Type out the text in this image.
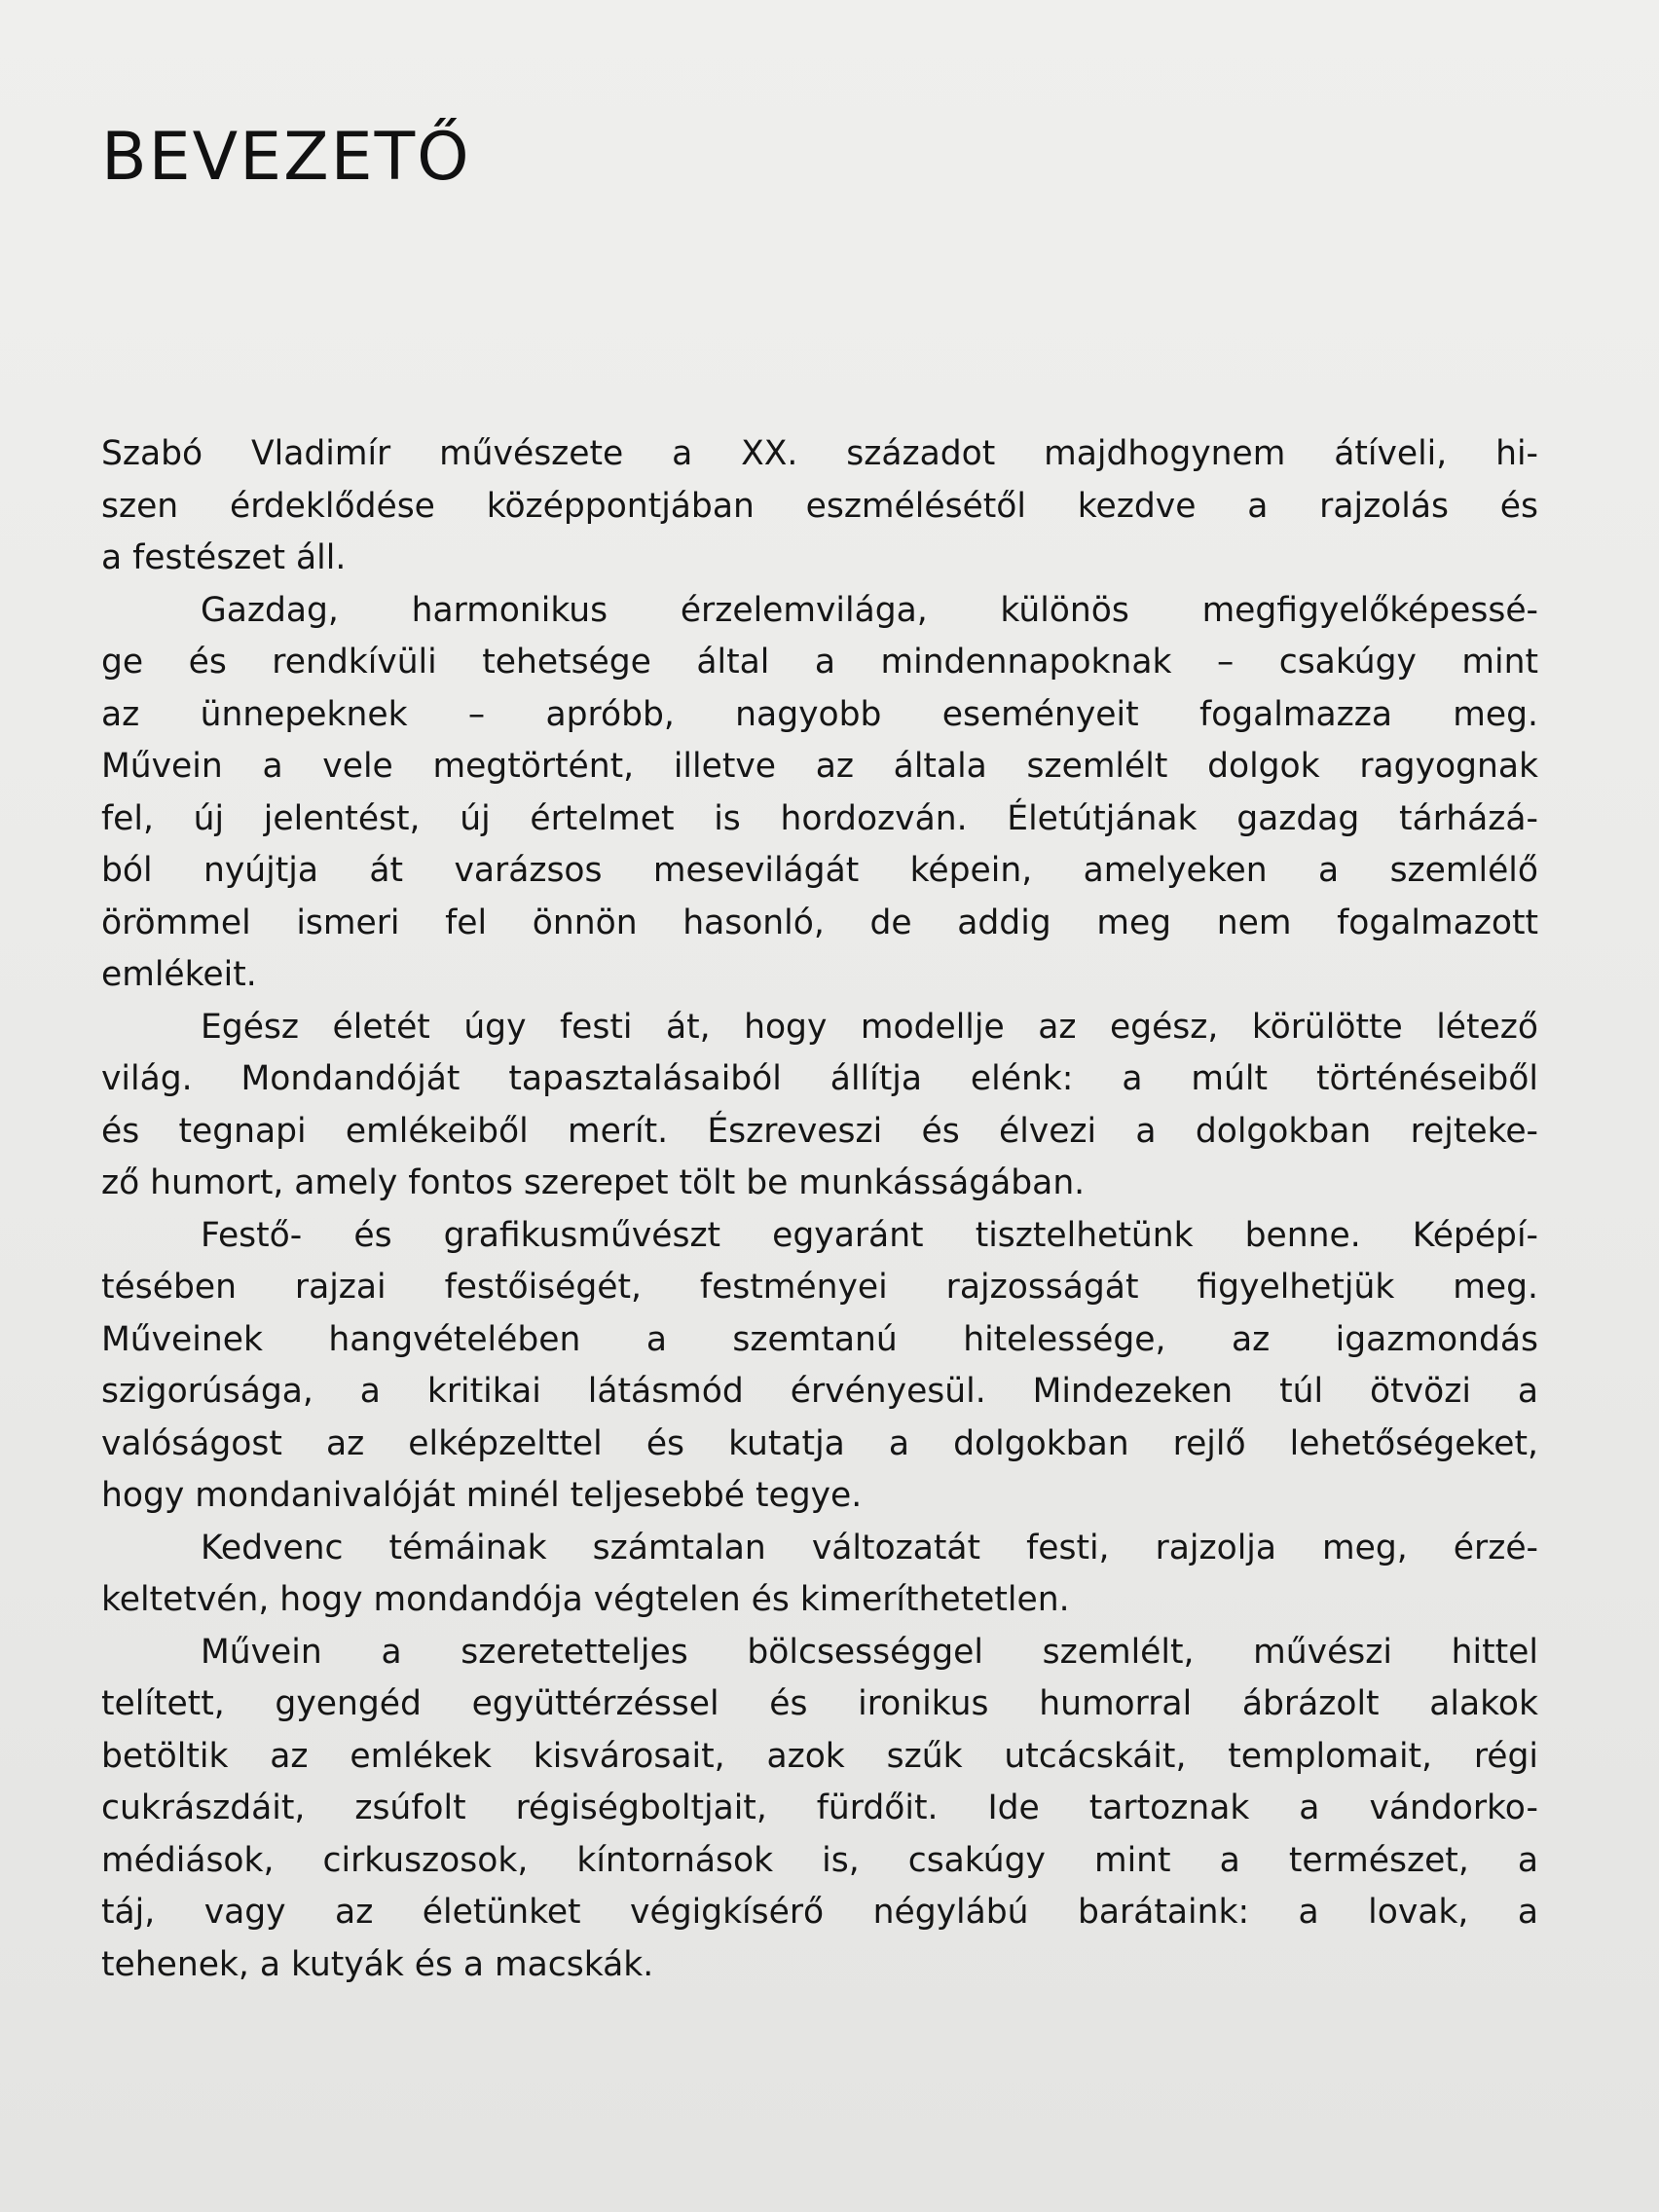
BEVEZETŐ

Szabó Vladimír művészete a XX. századot majdhogynem átíveli, hi-

szen érdeklődése középpontjában eszmélésétől kezdve a rajzolás és

a festészet áll.

Gazdag, harmonikus érzelemvilága, különös megfigyelőképessé-

ge és rendkívüli tehetsége által a mindennapoknak – csakúgy mint

az ünnepeknek – apróbb, nagyobb eseményeit fogalmazza meg.

Művein a vele megtörtént, illetve az általa szemlélt dolgok ragyognak

fel, új jelentést, új értelmet is hordozván. Életútjának gazdag tárházá-

ból nyújtja át varázsos mesevilágát képein, amelyeken a szemlélő

örömmel ismeri fel önnön hasonló, de addig meg nem fogalmazott

emlékeit.

Egész életét úgy festi át, hogy modellje az egész, körülötte létező

világ. Mondandóját tapasztalásaiból állítja elénk: a múlt történéseiből

és tegnapi emlékeiből merít. Észreveszi és élvezi a dolgokban rejteke-

ző humort, amely fontos szerepet tölt be munkásságában.

Festő- és grafikusművészt egyaránt tisztelhetünk benne. Képépí-

tésében rajzai festőiségét, festményei rajzosságát figyelhetjük meg.

Műveinek hangvételében a szemtanú hitelessége, az igazmondás

szigorúsága, a kritikai látásmód érvényesül. Mindezeken túl ötvözi a

valóságost az elképzelttel és kutatja a dolgokban rejlő lehetőségeket,

hogy mondanivalóját minél teljesebbé tegye.

Kedvenc témáinak számtalan változatát festi, rajzolja meg, érzé-

keltetvén, hogy mondandója végtelen és kimeríthetetlen.

Művein a szeretetteljes bölcsességgel szemlélt, művészi hittel

telített, gyengéd együttérzéssel és ironikus humorral ábrázolt alakok

betöltik az emlékek kisvárosait, azok szűk utcácskáit, templomait, régi

cukrászdáit, zsúfolt régiségboltjait, fürdőit. Ide tartoznak a vándorko-

médiások, cirkuszosok, kíntornások is, csakúgy mint a természet, a

táj, vagy az életünket végigkísérő négylábú barátaink: a lovak, a

tehenek, a kutyák és a macskák.
